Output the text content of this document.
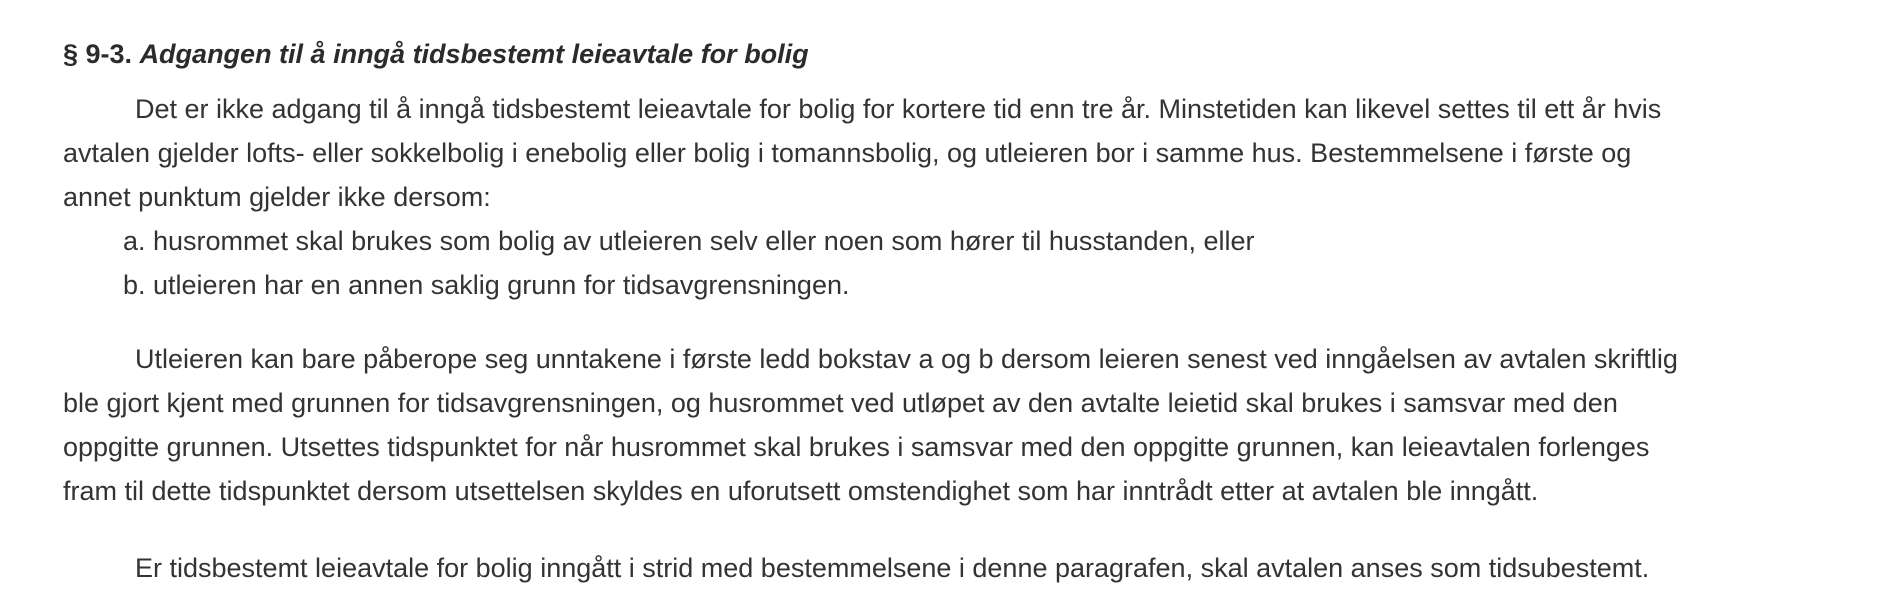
§ 9-3. Adgangen til å inngå tidsbestemt leieavtale for bolig

Det er ikke adgang til å inngå tidsbestemt leieavtale for bolig for kortere tid enn tre år. Minstetiden kan likevel settes til ett år hvis
avtalen gjelder lofts- eller sokkelbolig i enebolig eller bolig i tomannsbolig, og utleieren bor i samme hus. Bestemmelsene i første og
annet punktum gjelder ikke dersom:

a. husrommet skal brukes som bolig av utleieren selv eller noen som hører til husstanden, eller
b. utleieren har en annen saklig grunn for tidsavgrensningen.

Utleieren kan bare påberope seg unntakene i første ledd bokstav a og b dersom leieren senest ved inngåelsen av avtalen skriftlig
ble gjort kjent med grunnen for tidsavgrensningen, og husrommet ved utløpet av den avtalte leietid skal brukes i samsvar med den
oppgitte grunnen. Utsettes tidspunktet for når husrommet skal brukes i samsvar med den oppgitte grunnen, kan leieavtalen forlenges
fram til dette tidspunktet dersom utsettelsen skyldes en uforutsett omstendighet som har inntrådt etter at avtalen ble inngått.

Er tidsbestemt leieavtale for bolig inngått i strid med bestemmelsene i denne paragrafen, skal avtalen anses som tidsubestemt.
